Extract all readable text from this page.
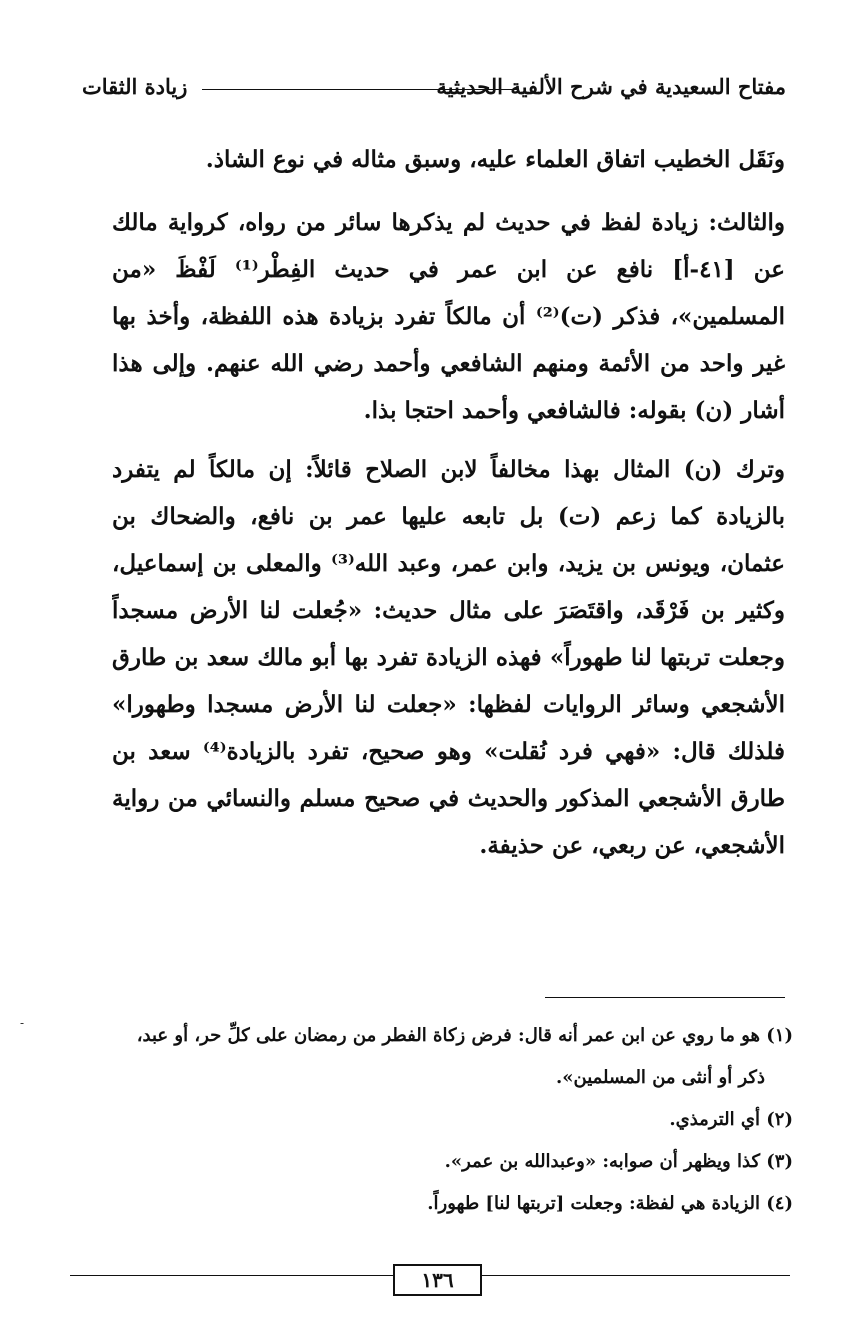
مفتاح السعيدية في شرح الألفية الحديثية
زيادة الثقات

ونَقَل الخطيب اتفاق العلماء عليه، وسبق مثاله في نوع الشاذ.

والثالث: زيادة لفظ في حديث لم يذكرها سائر من رواه، كرواية مالك عن [٤١-أ] نافع عن ابن عمر في حديث الفِطْر⁽¹⁾ لَفْظَ «من المسلمين»، فذكر (ت)⁽²⁾ أن مالكاً تفرد بزيادة هذه اللفظة، وأخذ بها غير واحد من الأئمة ومنهم الشافعي وأحمد رضي الله عنهم. وإلى هذا أشار (ن) بقوله: فالشافعي وأحمد احتجا بذا.

وترك (ن) المثال بهذا مخالفاً لابن الصلاح قائلاً: إن مالكاً لم يتفرد بالزيادة كما زعم (ت) بل تابعه عليها عمر بن نافع، والضحاك بن عثمان، ويونس بن يزيد، وابن عمر، وعبد الله⁽³⁾ والمعلى بن إسماعيل، وكثير بن فَرْقَد، واقتَصَرَ على مثال حديث: «جُعلت لنا الأرض مسجداً وجعلت تربتها لنا طهوراً» فهذه الزيادة تفرد بها أبو مالك سعد بن طارق الأشجعي وسائر الروايات لفظها: «جعلت لنا الأرض مسجدا وطهورا» فلذلك قال: «فهي فرد نُقلت» وهو صحيح، تفرد بالزيادة⁽⁴⁾ سعد بن طارق الأشجعي المذكور والحديث في صحيح مسلم والنسائي من رواية الأشجعي، عن ربعي، عن حذيفة.

(١) هو ما روي عن ابن عمر أنه قال: فرض زكاة الفطر من رمضان على كلِّ حر، أو عبد،

ذكر أو أنثى من المسلمين».

(٢) أي الترمذي.

(٣) كذا ويظهر أن صوابه: «وعبدالله بن عمر».

(٤) الزيادة هي لفظة: وجعلت [تربتها لنا] طهوراً.

١٣٦
-
